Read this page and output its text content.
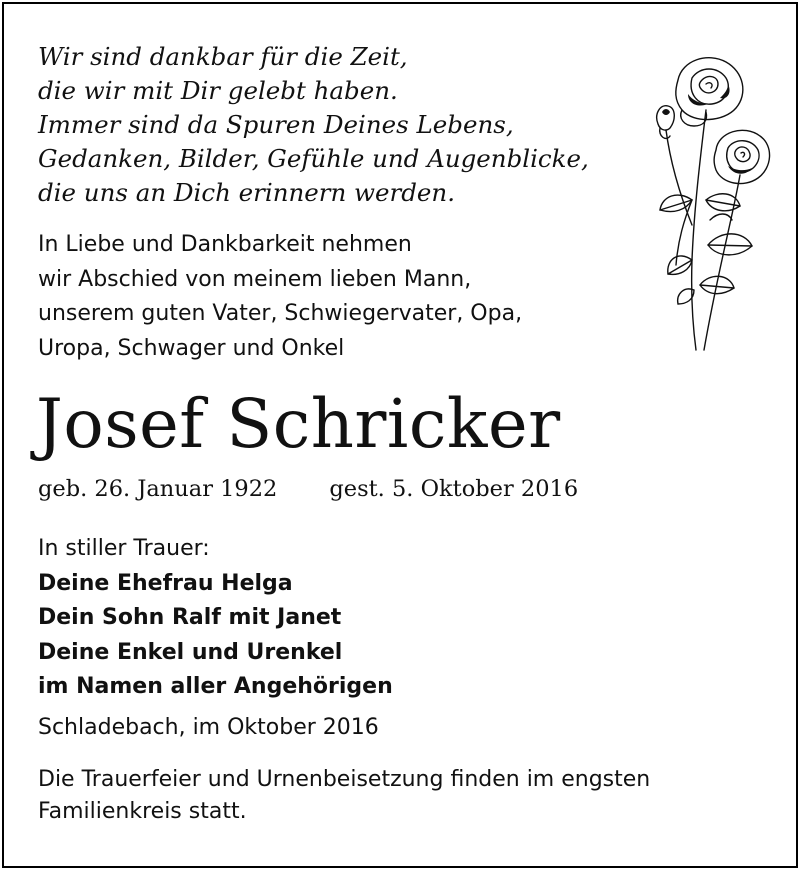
Wir sind dankbar für die Zeit,
die wir mit Dir gelebt haben.
Immer sind da Spuren Deines Lebens,
Gedanken, Bilder, Gefühle und Augenblicke,
die uns an Dich erinnern werden.
In Liebe und Dankbarkeit nehmen
wir Abschied von meinem lieben Mann,
unserem guten Vater, Schwiegervater, Opa,
Uropa, Schwager und Onkel
Josef Schricker
geb. 26. Januar 1922 gest. 5. Oktober 2016
In stiller Trauer:
Deine Ehefrau Helga
Dein Sohn Ralf mit Janet
Deine Enkel und Urenkel
im Namen aller Angehörigen
Schladebach, im Oktober 2016
Die Trauerfeier und Urnenbeisetzung finden im engsten
Familienkreis statt.
